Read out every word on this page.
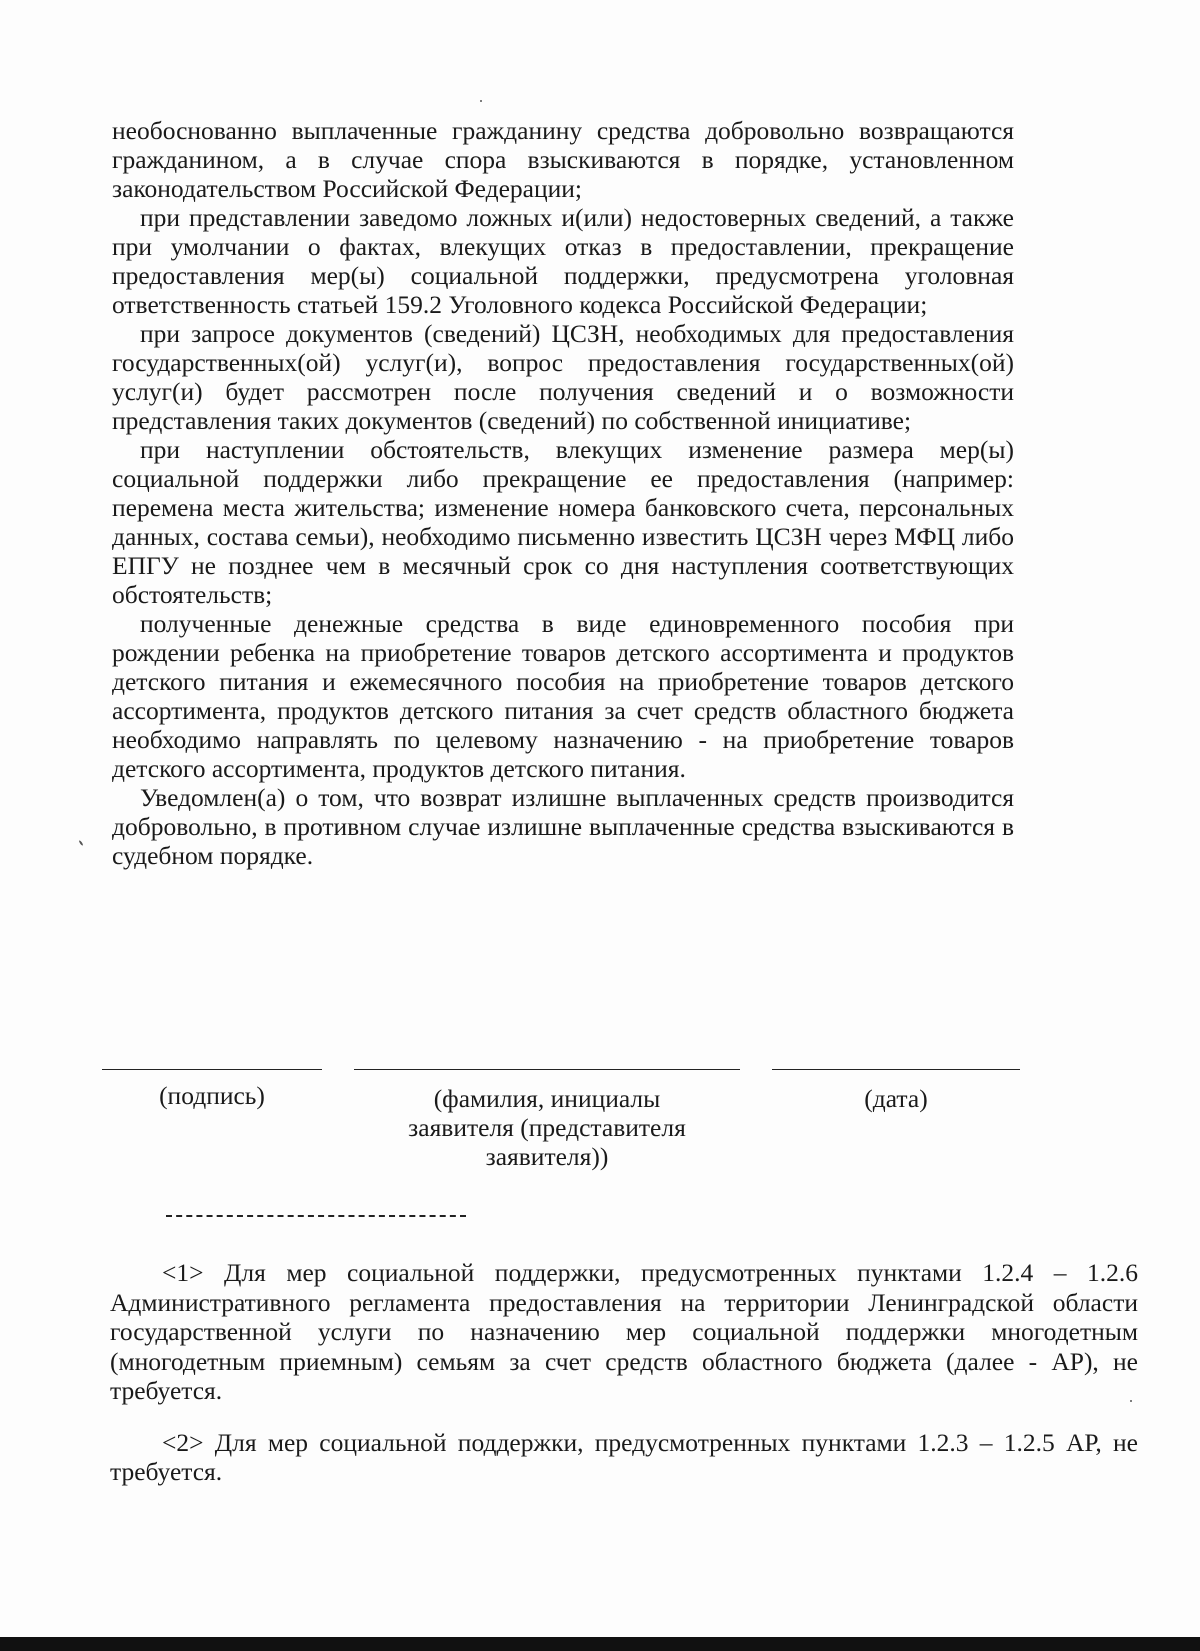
необоснованно выплаченные гражданину средства добровольно возвращаются гражданином, а в случае спора взыскиваются в порядке, установленном законодательством Российской Федерации;

при представлении заведомо ложных и(или) недостоверных сведений, а также при умолчании о фактах, влекущих отказ в предоставлении, прекращение предоставления мер(ы) социальной поддержки, предусмотрена уголовная ответственность статьей 159.2 Уголовного кодекса Российской Федерации;

при запросе документов (сведений) ЦСЗН, необходимых для предоставления государственных(ой) услуг(и), вопрос предоставления государственных(ой) услуг(и) будет рассмотрен после получения сведений и о возможности представления таких документов (сведений) по собственной инициативе;

при наступлении обстоятельств, влекущих изменение размера мер(ы) социальной поддержки либо прекращение ее предоставления (например: перемена места жительства; изменение номера банковского счета, персональных данных, состава семьи), необходимо письменно известить ЦСЗН через МФЦ либо ЕПГУ не позднее чем в месячный срок со дня наступления соответствующих обстоятельств;

полученные денежные средства в виде единовременного пособия при рождении ребенка на приобретение товаров детского ассортимента и продуктов детского питания и ежемесячного пособия на приобретение товаров детского ассортимента, продуктов детского питания за счет средств областного бюджета необходимо направлять по целевому назначению - на приобретение товаров детского ассортимента, продуктов детского питания.

Уведомлен(а) о том, что возврат излишне выплаченных средств производится добровольно, в противном случае излишне выплаченные средства взыскиваются в судебном порядке.

(подпись)	(фамилия, инициалы
заявителя (представителя
заявителя))
(дата)

<1> Для мер социальной поддержки, предусмотренных пунктами 1.2.4 – 1.2.6 Административного регламента предоставления на территории Ленинградской области государственной услуги по назначению мер социальной поддержки многодетным (многодетным приемным) семьям за счет средств областного бюджета (далее - АР), не требуется.

<2> Для мер социальной поддержки, предусмотренных пунктами 1.2.3 – 1.2.5 АР, не требуется.
